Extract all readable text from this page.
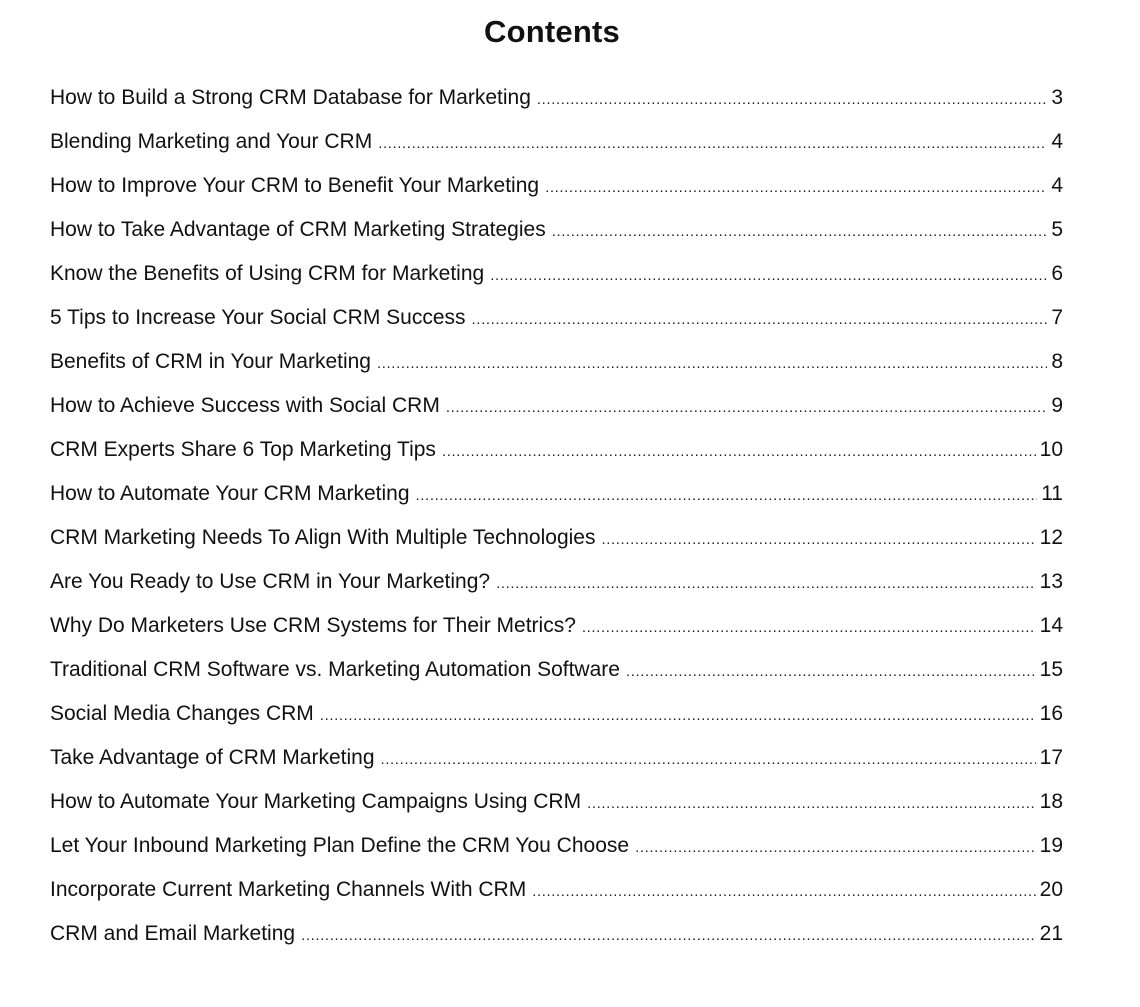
Contents
How to Build a Strong CRM Database for Marketing .....	3
Blending Marketing and Your CRM .....	4
How to Improve Your CRM to Benefit Your Marketing .....	4
How to Take Advantage of CRM Marketing Strategies .....	5
Know the Benefits of Using CRM for Marketing .....	6
5 Tips to Increase Your Social CRM Success .....	7
Benefits of CRM in Your Marketing .....	8
How to Achieve Success with Social CRM .....	9
CRM Experts Share 6 Top Marketing Tips .....	10
How to Automate Your CRM Marketing .....	11
CRM Marketing Needs To Align With Multiple Technologies .....	12
Are You Ready to Use CRM in Your Marketing? .....	13
Why Do Marketers Use CRM Systems for Their Metrics? .....	14
Traditional CRM Software vs. Marketing Automation Software .....	15
Social Media Changes CRM .....	16
Take Advantage of CRM Marketing .....	17
How to Automate Your Marketing Campaigns Using CRM .....	18
Let Your Inbound Marketing Plan Define the CRM You Choose .....	19
Incorporate Current Marketing Channels With CRM .....	20
CRM and Email Marketing .....	21
